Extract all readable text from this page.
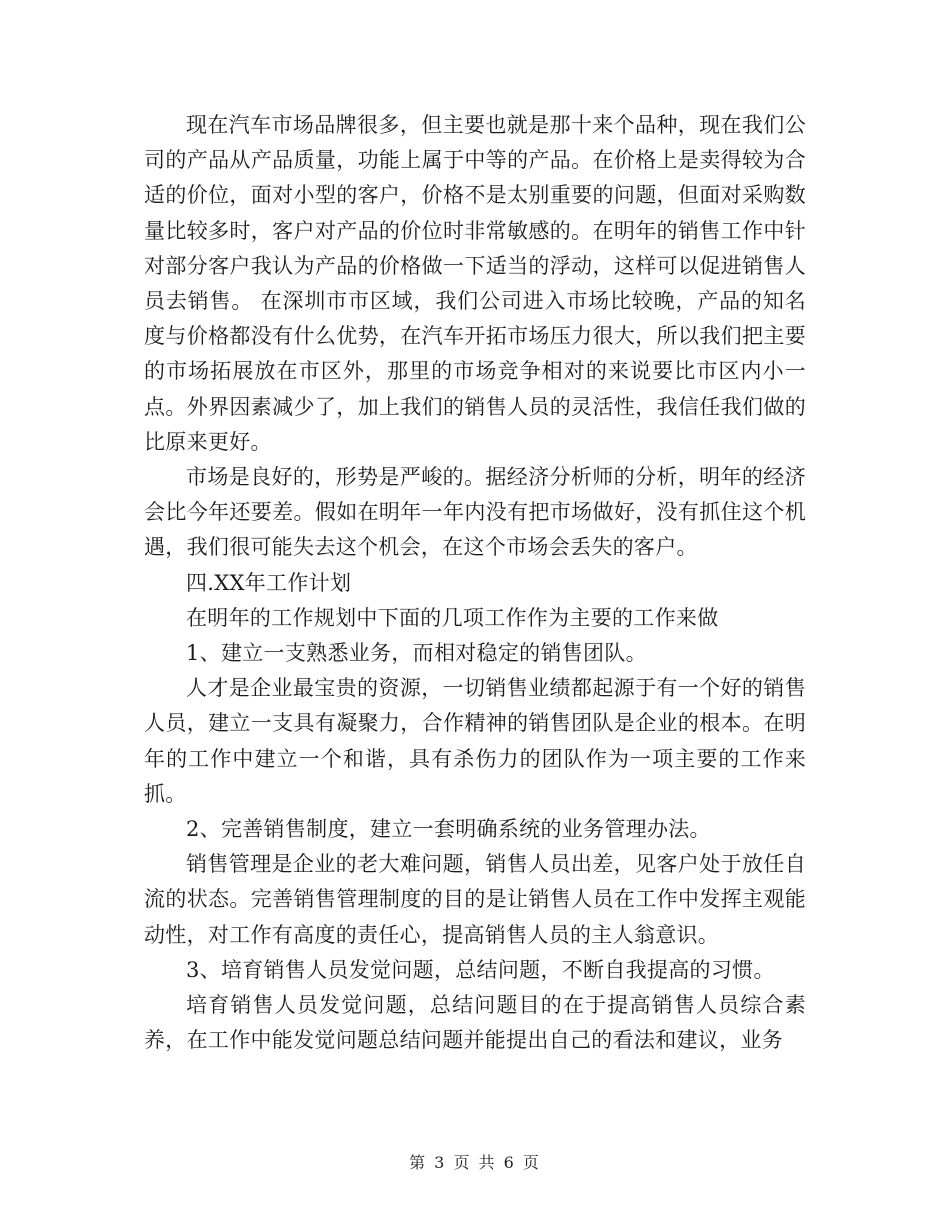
现在汽车市场品牌很多，但主要也就是那十来个品种，现在我们公司的产品从产品质量，功能上属于中等的产品。在价格上是卖得较为合适的价位，面对小型的客户，价格不是太别重要的问题，但面对采购数量比较多时，客户对产品的价位时非常敏感的。在明年的销售工作中针对部分客户我认为产品的价格做一下适当的浮动，这样可以促进销售人员去销售。 在深圳市市区域，我们公司进入市场比较晚，产品的知名度与价格都没有什么优势，在汽车开拓市场压力很大，所以我们把主要的市场拓展放在市区外，那里的市场竞争相对的来说要比市区内小一点。外界因素减少了，加上我们的销售人员的灵活性，我信任我们做的比原来更好。

市场是良好的，形势是严峻的。据经济分析师的分析，明年的经济会比今年还要差。假如在明年一年内没有把市场做好，没有抓住这个机遇，我们很可能失去这个机会，在这个市场会丢失的客户。

四.XX年工作计划

在明年的工作规划中下面的几项工作作为主要的工作来做

1、建立一支熟悉业务，而相对稳定的销售团队。

人才是企业最宝贵的资源，一切销售业绩都起源于有一个好的销售人员，建立一支具有凝聚力，合作精神的销售团队是企业的根本。在明年的工作中建立一个和谐，具有杀伤力的团队作为一项主要的工作来抓。

2、完善销售制度，建立一套明确系统的业务管理办法。

销售管理是企业的老大难问题，销售人员出差，见客户处于放任自流的状态。完善销售管理制度的目的是让销售人员在工作中发挥主观能动性，对工作有高度的责任心，提高销售人员的主人翁意识。

3、培育销售人员发觉问题，总结问题，不断自我提高的习惯。

培育销售人员发觉问题，总结问题目的在于提高销售人员综合素养，在工作中能发觉问题总结问题并能提出自己的看法和建议，业务

第 3 页 共 6 页
